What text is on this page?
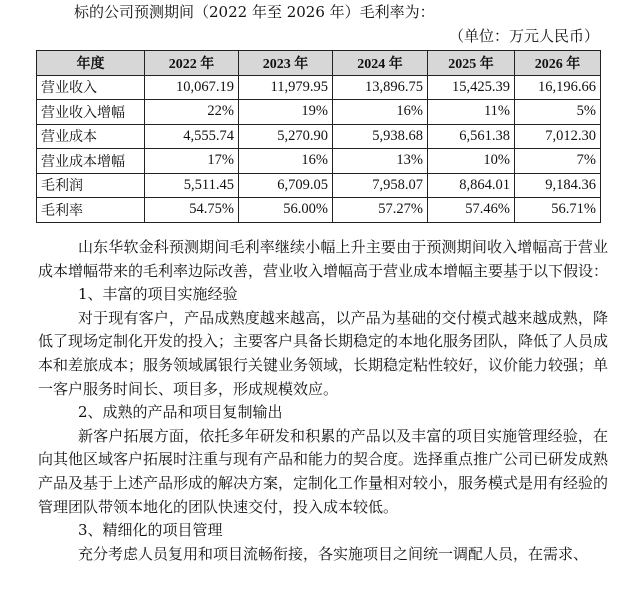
标的公司预测期间（2022 年至 2026 年）毛利率为：
（单位：万元人民币）
年度	2022 年	2023 年	2024 年	2025 年	2026 年
营业收入	10,067.19	11,979.95	13,896.75	15,425.39	16,196.66
营业收入增幅	22%	19%	16%	11%	5%
营业成本	4,555.74	5,270.90	5,938.68	6,561.38	7,012.30
营业成本增幅	17%	16%	13%	10%	7%
毛利润	5,511.45	6,709.05	7,958.07	8,864.01	9,184.36
毛利率	54.75%	56.00%	57.27%	57.46%	56.71%

山东华软金科预测期间毛利率继续小幅上升主要由于预测期间收入增幅高于营业成本增幅带来的毛利率边际改善，营业收入增幅高于营业成本增幅主要基于以下假设：

1、丰富的项目实施经验

对于现有客户，产品成熟度越来越高，以产品为基础的交付模式越来越成熟，降低了现场定制化开发的投入；主要客户具备长期稳定的本地化服务团队，降低了人员成本和差旅成本；服务领域属银行关键业务领域，长期稳定粘性较好，议价能力较强；单一客户服务时间长、项目多，形成规模效应。

2、成熟的产品和项目复制输出

新客户拓展方面，依托多年研发和积累的产品以及丰富的项目实施管理经验，在向其他区域客户拓展时注重与现有产品和能力的契合度。选择重点推广公司已研发成熟产品及基于上述产品形成的解决方案，定制化工作量相对较小，服务模式是用有经验的管理团队带领本地化的团队快速交付，投入成本较低。

3、精细化的项目管理

充分考虑人员复用和项目流畅衔接，各实施项目之间统一调配人员，在需求、
